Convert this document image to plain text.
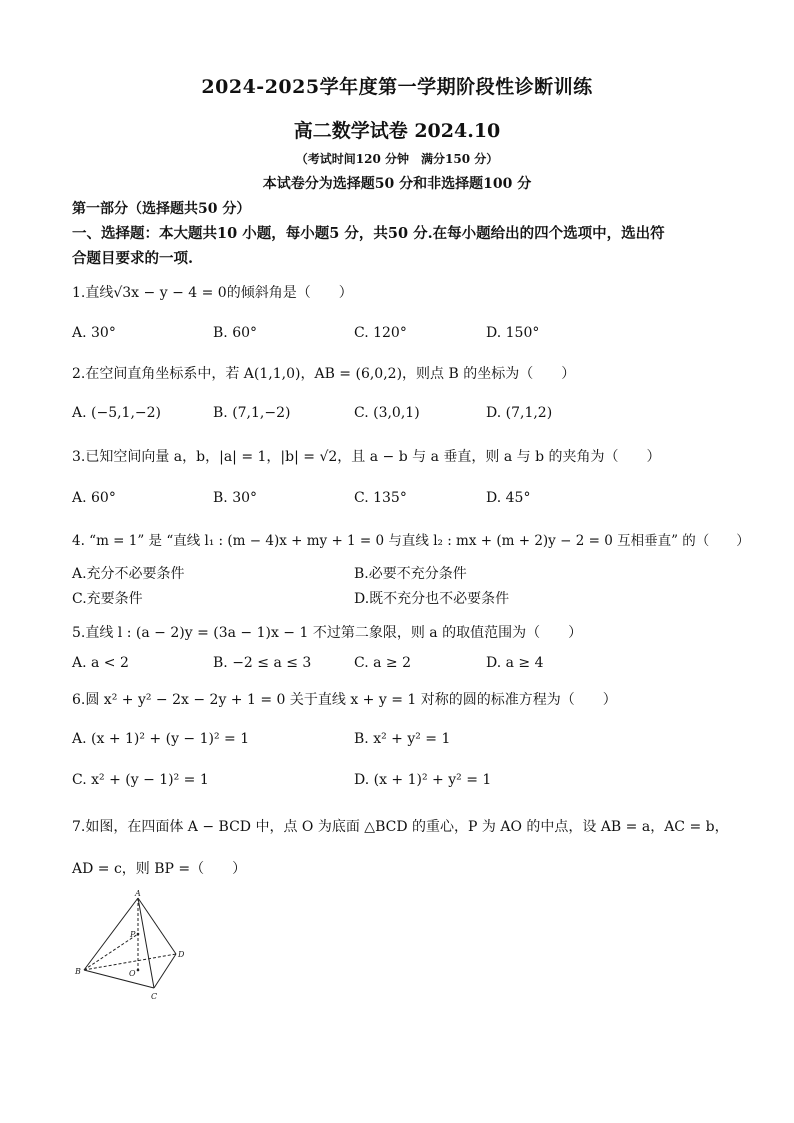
2024-2025学年度第一学期阶段性诊断训练
高二数学试卷 2024.10
（考试时间120 分钟　满分150 分）
本试卷分为选择题50 分和非选择题100 分
第一部分（选择题共50 分）
一、选择题：本大题共10 小题，每小题5 分，共50 分.在每小题给出的四个选项中，选出符
合题目要求的一项.
1.直线√3x − y − 4 = 0的倾斜角是（　　）
A. 30°	B. 60°	C. 120°	D. 150°
2.在空间直角坐标系中，若 A(1,1,0)，AB = (6,0,2)，则点 B 的坐标为（　　）
A. (−5,1,−2)	B. (7,1,−2)	C. (3,0,1)	D. (7,1,2)
3.已知空间向量 a，b，|a| = 1，|b| = √2，且 a − b 与 a 垂直，则 a 与 b 的夹角为（　　）
A. 60°	B. 30°	C. 135°	D. 45°
4. “m = 1” 是 “直线 l₁ : (m − 4)x + my + 1 = 0 与直线 l₂ : mx + (m + 2)y − 2 = 0 互相垂直” 的（　　）
A.充分不必要条件	B.必要不充分条件
C.充要条件	D.既不充分也不必要条件
5.直线 l : (a − 2)y = (3a − 1)x − 1 不过第二象限，则 a 的取值范围为（　　）
A. a < 2	B. −2 ≤ a ≤ 3	C. a ≥ 2	D. a ≥ 4
6.圆 x² + y² − 2x − 2y + 1 = 0 关于直线 x + y = 1 对称的圆的标准方程为（　　）
A. (x + 1)² + (y − 1)² = 1	B. x² + y² = 1
C. x² + (y − 1)² = 1	D. (x + 1)² + y² = 1
7.如图，在四面体 A − BCD 中，点 O 为底面 △BCD 的重心，P 为 AO 的中点，设 AB = a，AC = b，
AD = c，则 BP =（　　）
A
P
B	O
D
C
